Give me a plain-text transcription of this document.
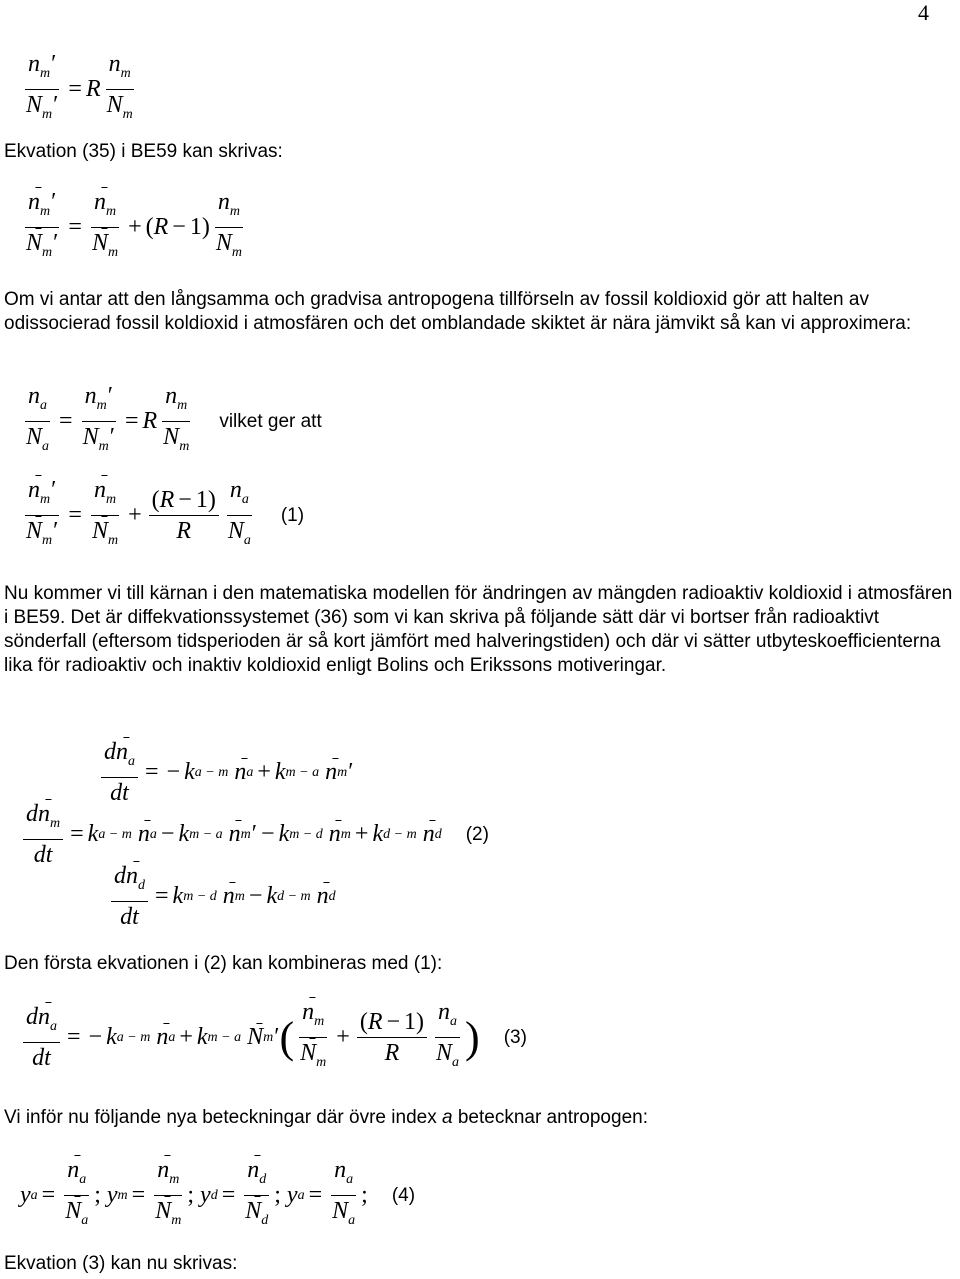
4
$\frac{n_m'}{N_m'} = R$
$n_m$
$N_m$
Ekvation (35) i BE59 kan skrivas:
$\frac{n_m'}{N_m'} = \frac{n_m}{N_m}$ + ( $R - 1) \frac{n_m}{N_m}$
Om vi antar att den långsamma och gradvisa antropogena tillförseln av fossil koldioxid gör att halten av odissocierad fossil koldioxid i atmosfären och det omblandade skiktet är nära jämvikt så kan vi approximera:
$\frac{n_a}{N_a} = \frac{n_m'}{N_m'} = R$
$n_m$
$N_m$
vilket ger att
$\frac{n_m'}{N_m'} = \frac{n_m}{N_m} + \frac{(R - 1)}{R} n_a$
$N_a$
(1)
Nu kommer vi till kärnan i den matematiska modellen för ändringen av mängden radioaktiv koldioxid i atmosfären i BE59. Det är diffekvationssystemet (36) som vi kan skriva på följande sätt där vi bortser från radioaktivt sönderfall (eftersom tidsperioden är så kort jämfört med halveringstiden) och där vi sätter utbyteskoefficienterna lika för radioaktiv och inaktiv koldioxid enligt Bolins och Erikssons motiveringar.
$dn_a$
dt
= − k a − m n a + k m − a n m ′
$dn_m$
dt
= k a − m n a − k m − a n m ′ − k m − d n m + k d − m n d (2)
$dn_d$
dt
= k m − d n m − k d − m n d
Den första ekvationen i (2) kan kombineras med (1):
$dn_a$
dt
= − k a − m n a + k m − a N m ′ (
$n_m$
$N_m$
+ $\frac{(R - 1)}{R} n_a$
$N_a$
) (3)
Vi inför nu följande nya beteckningar där övre index a betecknar antropogen:
y $a = \frac{n_a}{N_a}$ ; y $m = \frac{n_m}{N_m}$ ; y $d = \frac{n_d}{N_d}$ ; y $a = \frac{n_a}{N_a}$ ; (4)
Ekvation (3) kan nu skrivas:
